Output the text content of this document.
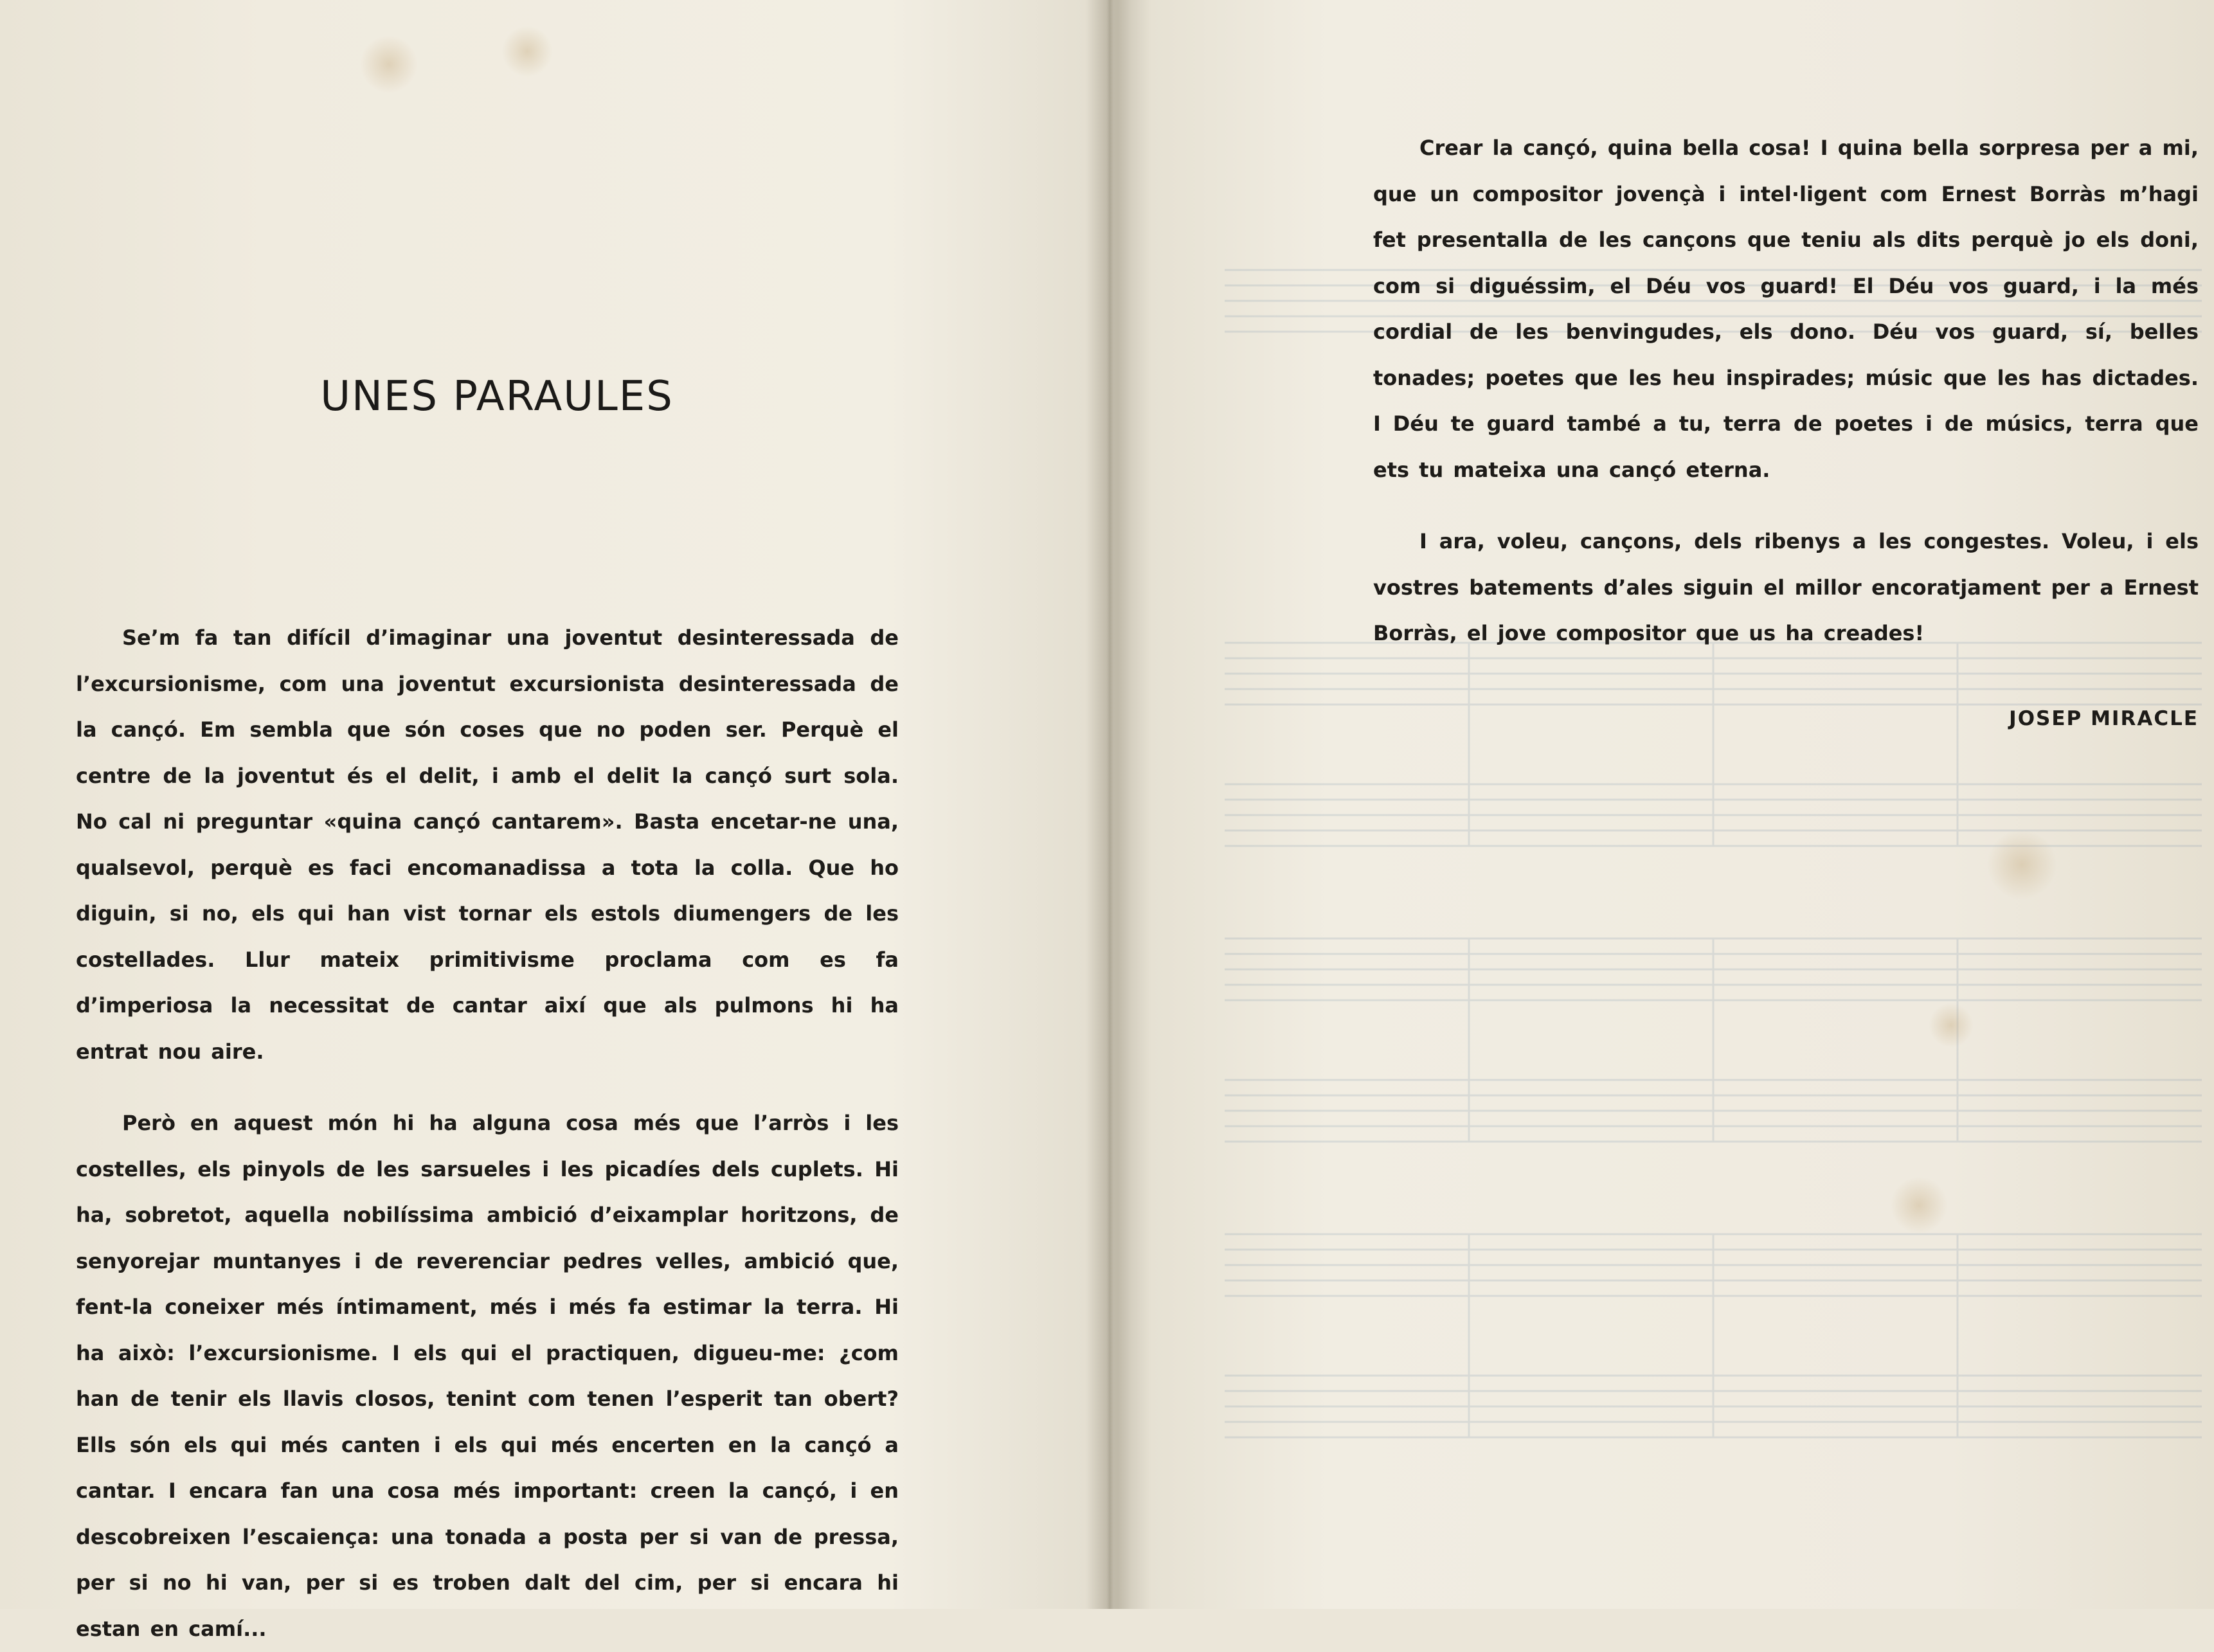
UNES PARAULES

Se’m fa tan difícil d’imaginar una joventut desinteressada de l’excursionisme, com una joventut excursionista desinteressada de la cançó. Em sembla que són coses que no poden ser. Perquè el centre de la joventut és el delit, i amb el delit la cançó surt sola. No cal ni preguntar «quina cançó cantarem». Basta encetar-ne una, qualsevol, perquè es faci encomanadissa a tota la colla. Que ho diguin, si no, els qui han vist tornar els estols diumengers de les costellades. Llur mateix primitivisme proclama com es fa d’imperiosa la necessitat de cantar així que als pulmons hi ha entrat nou aire.

Però en aquest món hi ha alguna cosa més que l’arròs i les costelles, els pinyols de les sarsueles i les picadíes dels cuplets. Hi ha, sobretot, aquella nobilíssima ambició d’eixamplar horitzons, de senyorejar muntanyes i de reverenciar pedres velles, ambició que, fent-la coneixer més íntimament, més i més fa estimar la terra. Hi ha això: l’excursionisme. I els qui el practiquen, digueu-me: ¿com han de tenir els llavis closos, tenint com tenen l’esperit tan obert? Ells són els qui més canten i els qui més encerten en la cançó a cantar. I encara fan una cosa més important: creen la cançó, i en descobreixen l’escaiença: una tonada a posta per si van de pressa, per si no hi van, per si es troben dalt del cim, per si encara hi estan en camí...

Crear la cançó, quina bella cosa! I quina bella sorpresa per a mi, que un compositor jovençà i intel·ligent com Ernest Borràs m’hagi fet presentalla de les cançons que teniu als dits perquè jo els doni, com si diguéssim, el Déu vos guard! El Déu vos guard, i la més cordial de les benvingudes, els dono. Déu vos guard, sí, belles tonades; poetes que les heu inspirades; músic que les has dictades. I Déu te guard també a tu, terra de poetes i de músics, terra que ets tu mateixa una cançó eterna.

I ara, voleu, cançons, dels ribenys a les congestes. Voleu, i els vostres batements d’ales siguin el millor encoratjament per a Ernest Borràs, el jove compositor que us ha creades!

JOSEP MIRACLE
